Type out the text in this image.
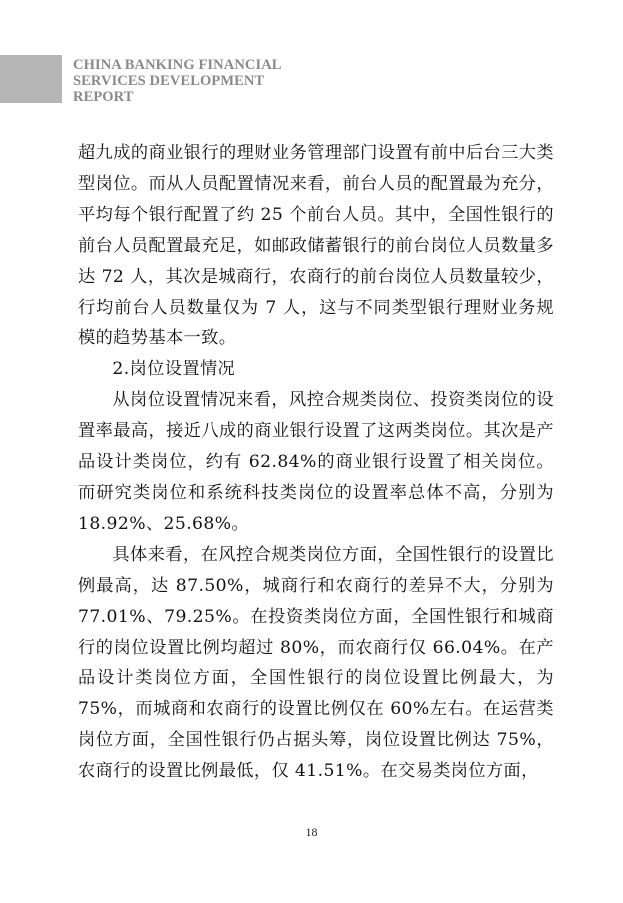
CHINA BANKING FINANCIAL
SERVICES DEVELOPMENT
REPORT

超九成的商业银行的理财业务管理部门设置有前中后台三大类型岗位。而从人员配置情况来看，前台人员的配置最为充分，平均每个银行配置了约 25 个前台人员。其中，全国性银行的前台人员配置最充足，如邮政储蓄银行的前台岗位人员数量多达 72 人，其次是城商行，农商行的前台岗位人员数量较少，行均前台人员数量仅为 7 人，这与不同类型银行理财业务规模的趋势基本一致。

2.岗位设置情况

从岗位设置情况来看，风控合规类岗位、投资类岗位的设置率最高，接近八成的商业银行设置了这两类岗位。其次是产品设计类岗位，约有 62.84%的商业银行设置了相关岗位。而研究类岗位和系统科技类岗位的设置率总体不高，分别为 18.92%、25.68%。

具体来看，在风控合规类岗位方面，全国性银行的设置比例最高，达 87.50%，城商行和农商行的差异不大，分别为 77.01%、79.25%。在投资类岗位方面，全国性银行和城商行的岗位设置比例均超过 80%，而农商行仅 66.04%。在产品设计类岗位方面，全国性银行的岗位设置比例最大，为 75%，而城商和农商行的设置比例仅在 60%左右。在运营类岗位方面，全国性银行仍占据头筹，岗位设置比例达 75%，农商行的设置比例最低，仅 41.51%。在交易类岗位方面，

18
